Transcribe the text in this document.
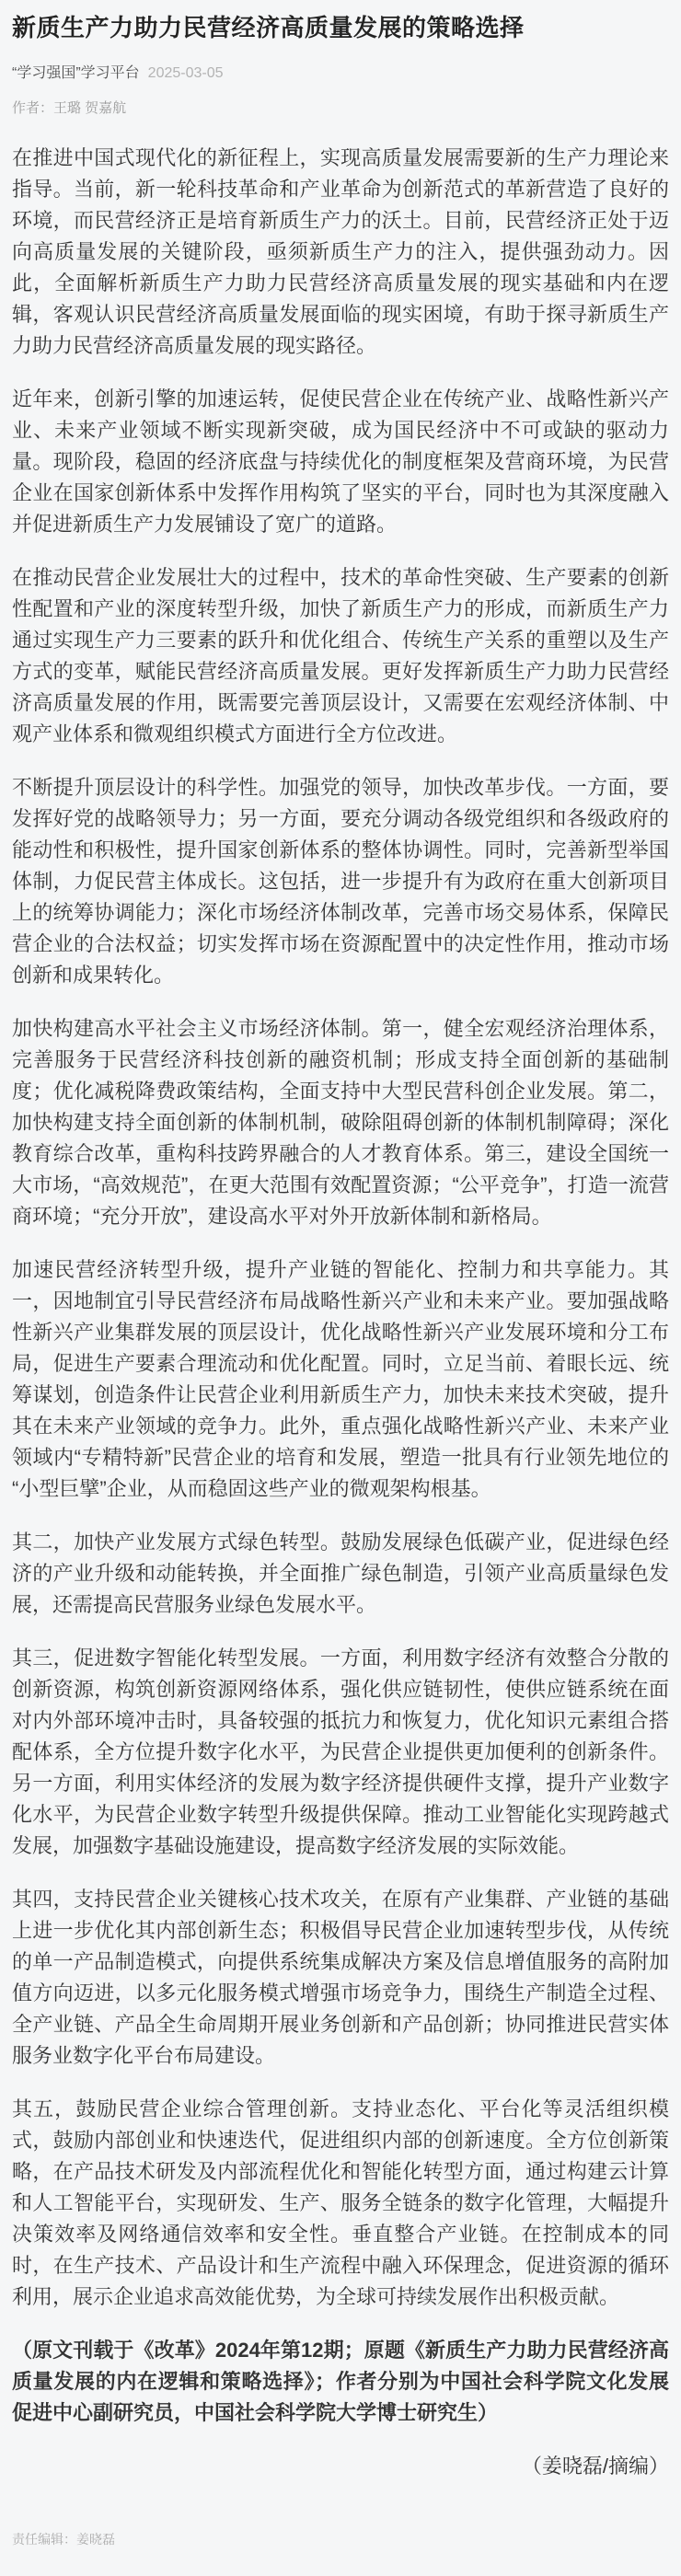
新质生产力助力民营经济高质量发展的策略选择
“学习强国”学习平台 2025-03-05
作者：王璐 贺嘉航

在推进中国式现代化的新征程上，实现高质量发展需要新的生产力理论来指导。当前，新一轮科技革命和产业革命为创新范式的革新营造了良好的环境，而民营经济正是培育新质生产力的沃土。目前，民营经济正处于迈向高质量发展的关键阶段，亟须新质生产力的注入，提供强劲动力。因此，全面解析新质生产力助力民营经济高质量发展的现实基础和内在逻辑，客观认识民营经济高质量发展面临的现实困境，有助于探寻新质生产力助力民营经济高质量发展的现实路径。

近年来，创新引擎的加速运转，促使民营企业在传统产业、战略性新兴产业、未来产业领域不断实现新突破，成为国民经济中不可或缺的驱动力量。现阶段，稳固的经济底盘与持续优化的制度框架及营商环境，为民营企业在国家创新体系中发挥作用构筑了坚实的平台，同时也为其深度融入并促进新质生产力发展铺设了宽广的道路。

在推动民营企业发展壮大的过程中，技术的革命性突破、生产要素的创新性配置和产业的深度转型升级，加快了新质生产力的形成，而新质生产力通过实现生产力三要素的跃升和优化组合、传统生产关系的重塑以及生产方式的变革，赋能民营经济高质量发展。更好发挥新质生产力助力民营经济高质量发展的作用，既需要完善顶层设计，又需要在宏观经济体制、中观产业体系和微观组织模式方面进行全方位改进。

不断提升顶层设计的科学性。加强党的领导，加快改革步伐。一方面，要发挥好党的战略领导力；另一方面，要充分调动各级党组织和各级政府的能动性和积极性，提升国家创新体系的整体协调性。同时，完善新型举国体制，力促民营主体成长。这包括，进一步提升有为政府在重大创新项目上的统筹协调能力；深化市场经济体制改革，完善市场交易体系，保障民营企业的合法权益；切实发挥市场在资源配置中的决定性作用，推动市场创新和成果转化。

加快构建高水平社会主义市场经济体制。第一，健全宏观经济治理体系，完善服务于民营经济科技创新的融资机制；形成支持全面创新的基础制度；优化减税降费政策结构，全面支持中大型民营科创企业发展。第二，加快构建支持全面创新的体制机制，破除阻碍创新的体制机制障碍；深化教育综合改革，重构科技跨界融合的人才教育体系。第三，建设全国统一大市场，“高效规范”，在更大范围有效配置资源；“公平竞争”，打造一流营商环境；“充分开放”，建设高水平对外开放新体制和新格局。

加速民营经济转型升级，提升产业链的智能化、控制力和共享能力。其一，因地制宜引导民营经济布局战略性新兴产业和未来产业。要加强战略性新兴产业集群发展的顶层设计，优化战略性新兴产业发展环境和分工布局，促进生产要素合理流动和优化配置。同时，立足当前、着眼长远、统筹谋划，创造条件让民营企业利用新质生产力，加快未来技术突破，提升其在未来产业领域的竞争力。此外，重点强化战略性新兴产业、未来产业领域内“专精特新”民营企业的培育和发展，塑造一批具有行业领先地位的“小型巨擘”企业，从而稳固这些产业的微观架构根基。

其二，加快产业发展方式绿色转型。鼓励发展绿色低碳产业，促进绿色经济的产业升级和动能转换，并全面推广绿色制造，引领产业高质量绿色发展，还需提高民营服务业绿色发展水平。

其三，促进数字智能化转型发展。一方面，利用数字经济有效整合分散的创新资源，构筑创新资源网络体系，强化供应链韧性，使供应链系统在面对内外部环境冲击时，具备较强的抵抗力和恢复力，优化知识元素组合搭配体系，全方位提升数字化水平，为民营企业提供更加便利的创新条件。另一方面，利用实体经济的发展为数字经济提供硬件支撑，提升产业数字化水平，为民营企业数字转型升级提供保障。推动工业智能化实现跨越式发展，加强数字基础设施建设，提高数字经济发展的实际效能。

其四，支持民营企业关键核心技术攻关，在原有产业集群、产业链的基础上进一步优化其内部创新生态；积极倡导民营企业加速转型步伐，从传统的单一产品制造模式，向提供系统集成解决方案及信息增值服务的高附加值方向迈进，以多元化服务模式增强市场竞争力，围绕生产制造全过程、全产业链、产品全生命周期开展业务创新和产品创新；协同推进民营实体服务业数字化平台布局建设。

其五，鼓励民营企业综合管理创新。支持业态化、平台化等灵活组织模式，鼓励内部创业和快速迭代，促进组织内部的创新速度。全方位创新策略，在产品技术研发及内部流程优化和智能化转型方面，通过构建云计算和人工智能平台，实现研发、生产、服务全链条的数字化管理，大幅提升决策效率及网络通信效率和安全性。垂直整合产业链。在控制成本的同时，在生产技术、产品设计和生产流程中融入环保理念，促进资源的循环利用，展示企业追求高效能优势，为全球可持续发展作出积极贡献。

（原文刊载于《改革》2024年第12期；原题《新质生产力助力民营经济高质量发展的内在逻辑和策略选择》；作者分别为中国社会科学院文化发展促进中心副研究员，中国社会科学院大学博士研究生）

（姜晓磊/摘编）

责任编辑：姜晓磊
